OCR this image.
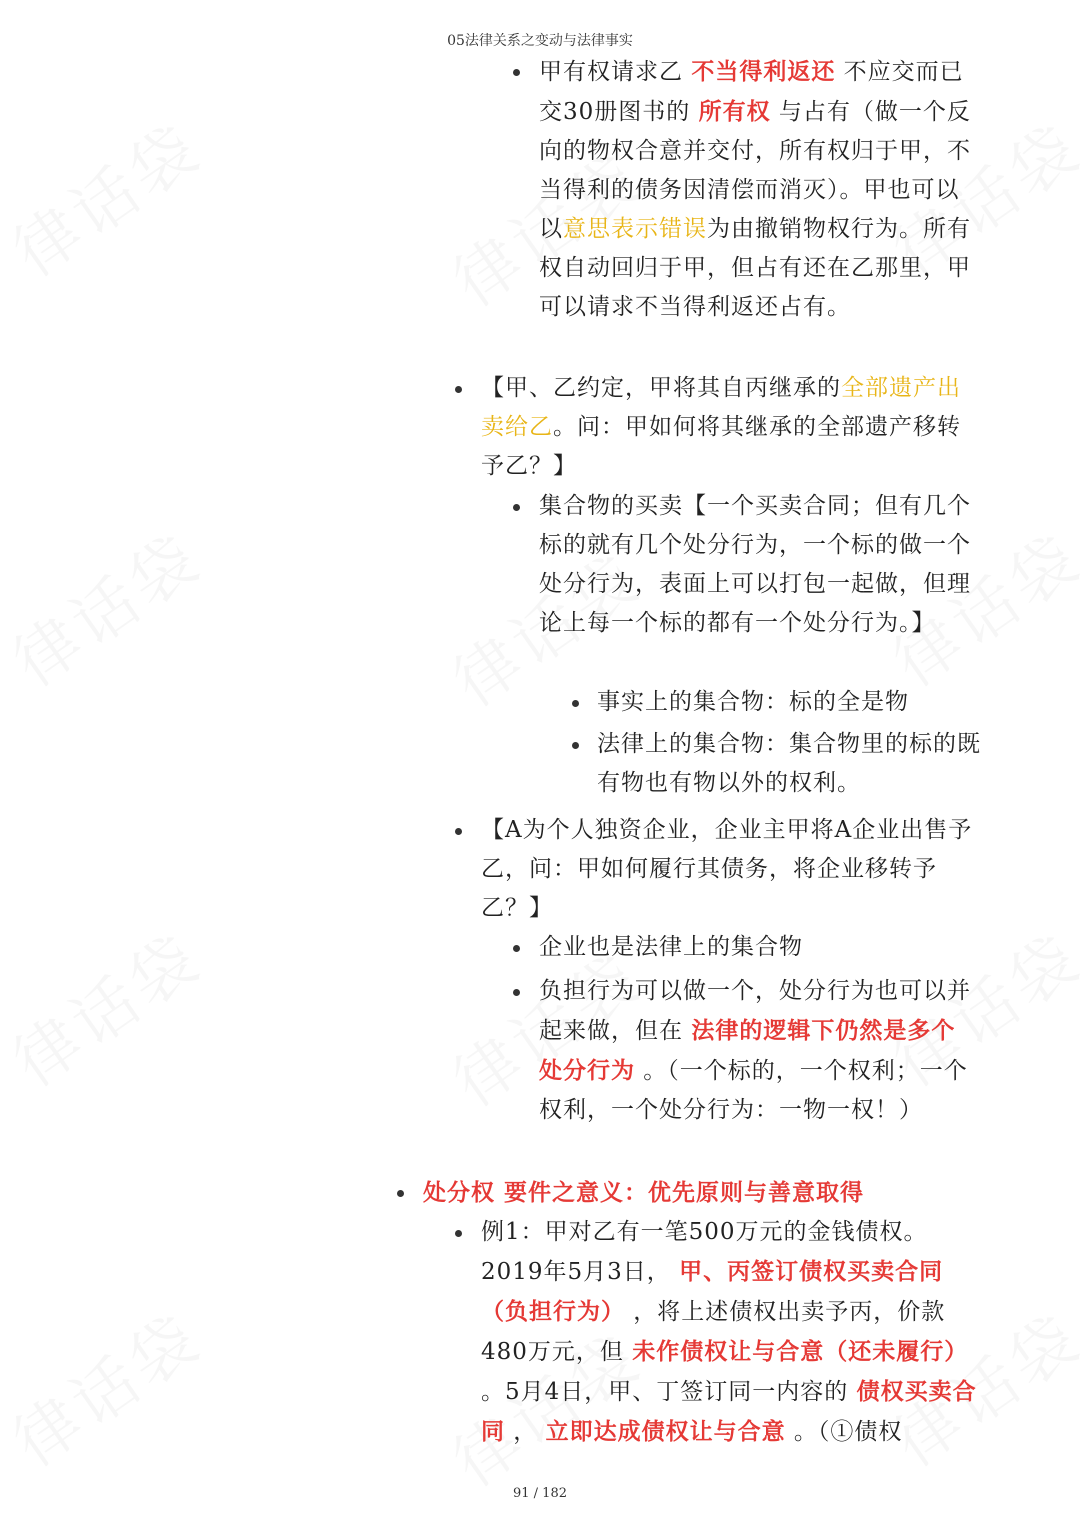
05法律关系之变动与法律事实
甲有权请求乙 不当得利返还 不应交而已交30册图书的 所有权 与占有（做一个反向的物权合意并交付，所有权归于甲，不当得利的债务因清偿而消灭）。甲也可以以意思表示错误为由撤销物权行为。所有权自动回归于甲，但占有还在乙那里，甲可以请求不当得利返还占有。
【甲、乙约定，甲将其自丙继承的全部遗产出卖给乙。问：甲如何将其继承的全部遗产移转予乙？】
集合物的买卖【一个买卖合同；但有几个标的就有几个处分行为，一个标的做一个处分行为，表面上可以打包一起做，但理论上每一个标的都有一个处分行为。】
事实上的集合物：标的全是物
法律上的集合物：集合物里的标的既有物也有物以外的权利。
【A为个人独资企业，企业主甲将A企业出售予乙，问：甲如何履行其债务，将企业移转予乙？】
企业也是法律上的集合物
负担行为可以做一个，处分行为也可以并起来做，但在 法律的逻辑下仍然是多个处分行为 。（一个标的，一个权利；一个权利，一个处分行为：一物一权！）
处分权 要件之意义：优先原则与善意取得
例1：甲对乙有一笔500万元的金钱债权。2019年5月3日， 甲、丙签订债权买卖合同（负担行为） ，将上述债权出卖予丙，价款480万元，但 未作债权让与合意（还未履行） 。5月4日，甲、丁签订同一内容的 债权买卖合同 ， 立即达成债权让与合意 。（①债权
91 / 182
